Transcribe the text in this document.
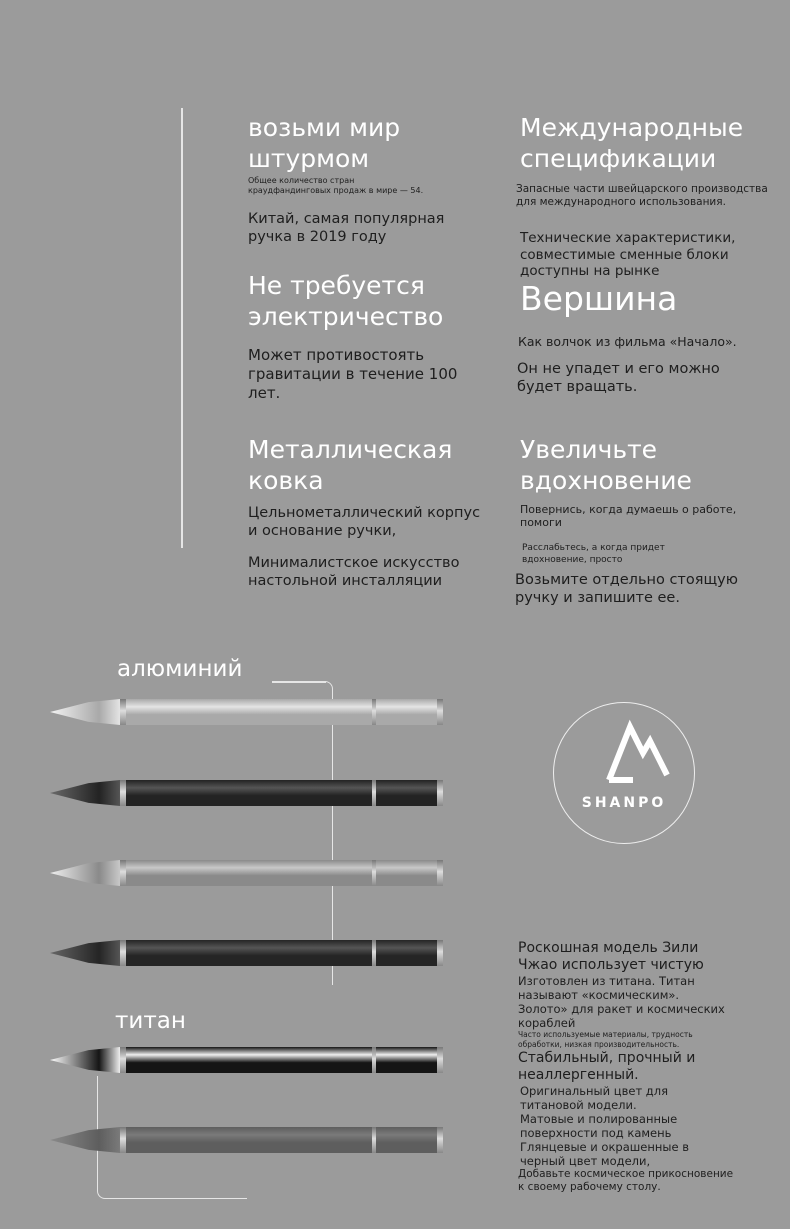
возьми мир
штурмом
Общее количество стран
краудфандинговых продаж в мире — 54.
Китай, самая популярная
ручка в 2019 году
Не требуется
электричество
Может противостоять
гравитации в течение 100
лет.
Металлическая
ковка
Цельнометаллический корпус
и основание ручки,
Минималистское искусство
настольной инсталляции
Международные
спецификации
Запасные части швейцарского производства
для международного использования.
Технические характеристики,
совместимые сменные блоки
доступны на рынке
Вершина
Как волчок из фильма «Начало».
Он не упадет и его можно
будет вращать.
Увеличьте
вдохновение
Повернись, когда думаешь о работе,
помоги
Расслабьтесь, а когда придет
вдохновение, просто
Возьмите отдельно стоящую
ручку и запишите ее.
алюминий
титан
SHANPO
Роскошная модель Зили
Чжао использует чистую
Изготовлен из титана. Титан
называют «космическим».
Золото» для ракет и космических
кораблей
Часто используемые материалы, трудность
обработки, низкая производительность.
Стабильный, прочный и
неаллергенный.
Оригинальный цвет для
титановой модели.
Матовые и полированные
поверхности под камень
Глянцевые и окрашенные в
черный цвет модели,
Добавьте космическое прикосновение
к своему рабочему столу.
